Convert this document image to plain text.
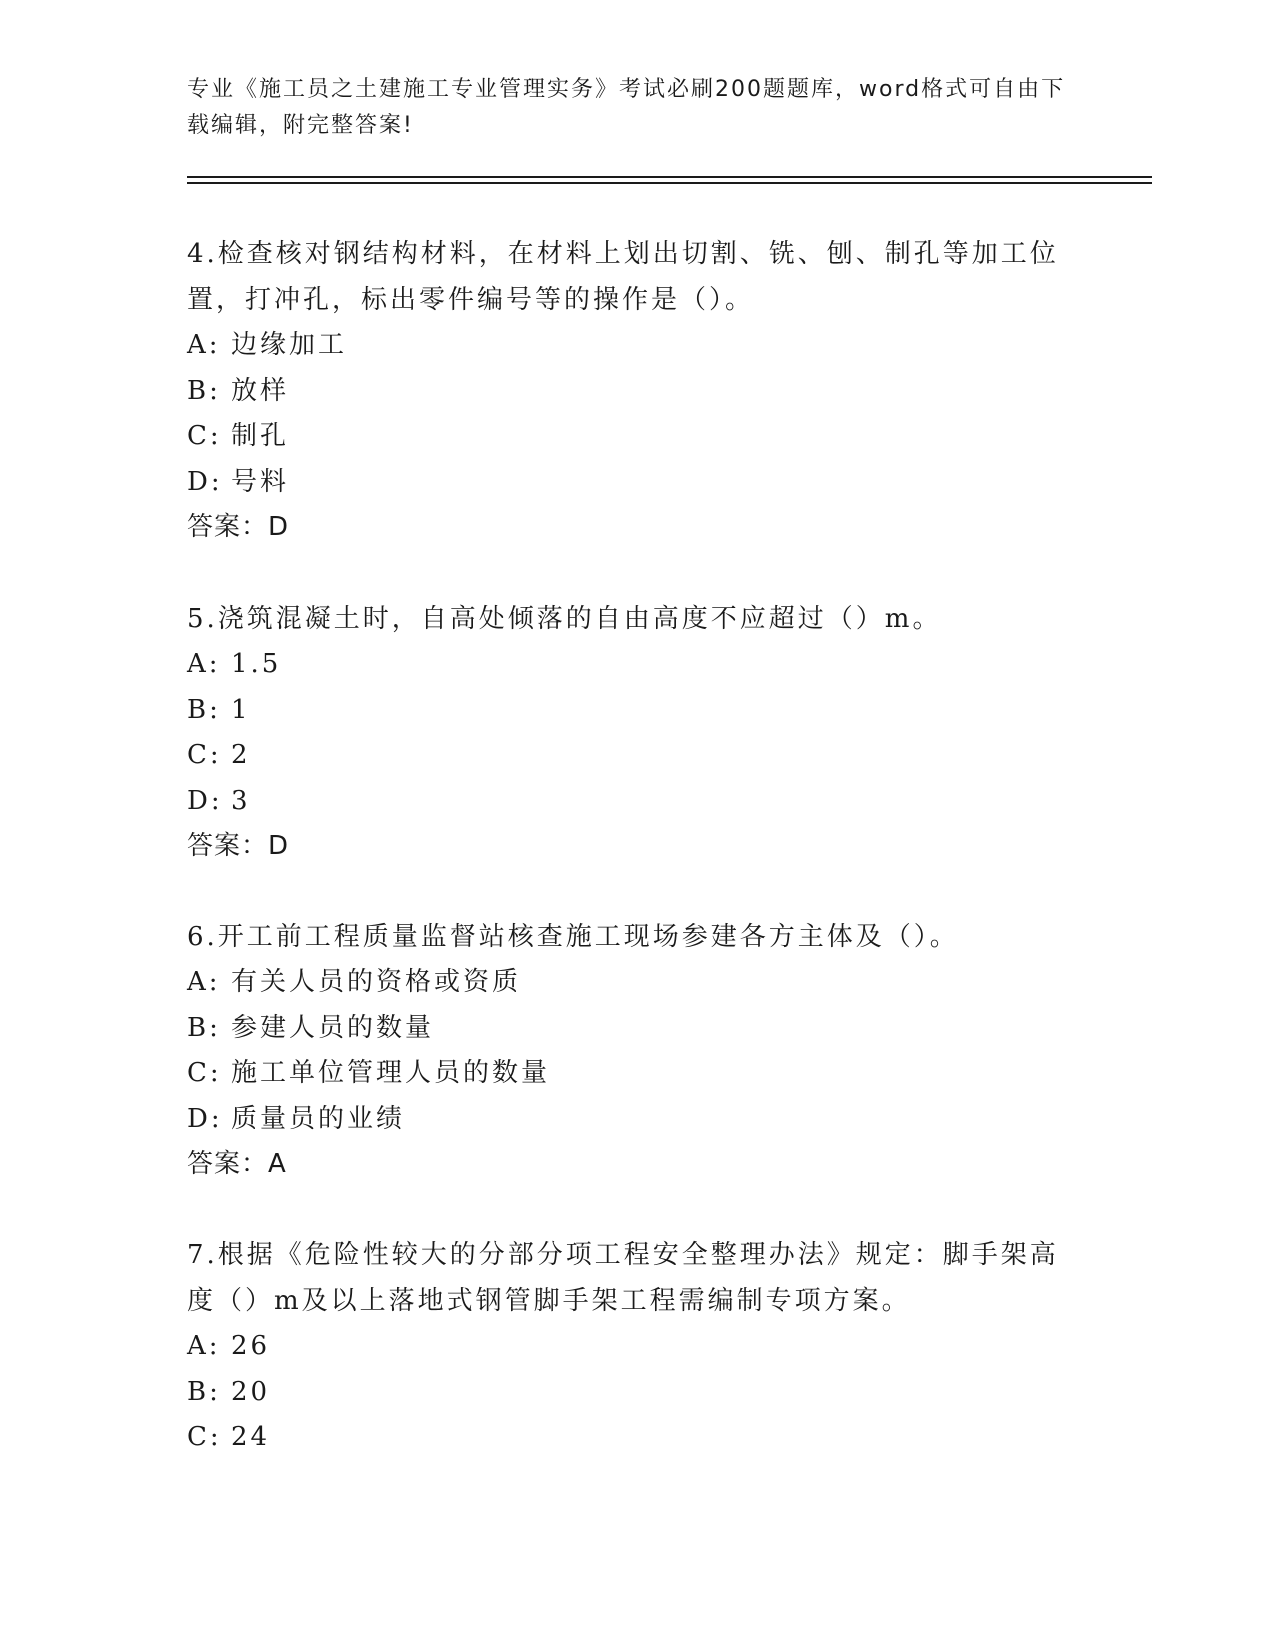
专业《施工员之土建施工专业管理实务》考试必刷200题题库，word格式可自由下载编辑，附完整答案!

4.检查核对钢结构材料，在材料上划出切割、铣、刨、制孔等加工位置，打冲孔，标出零件编号等的操作是（）。

A: 边缘加工
B: 放样
C: 制孔
D: 号料
答案：D

5.浇筑混凝土时，自高处倾落的自由高度不应超过（）m。

A: 1.5
B: 1
C: 2
D: 3
答案：D

6.开工前工程质量监督站核查施工现场参建各方主体及（）。

A: 有关人员的资格或资质
B: 参建人员的数量
C: 施工单位管理人员的数量
D: 质量员的业绩
答案：A

7.根据《危险性较大的分部分项工程安全整理办法》规定：脚手架高度（）m及以上落地式钢管脚手架工程需编制专项方案。

A: 26
B: 20
C: 24
